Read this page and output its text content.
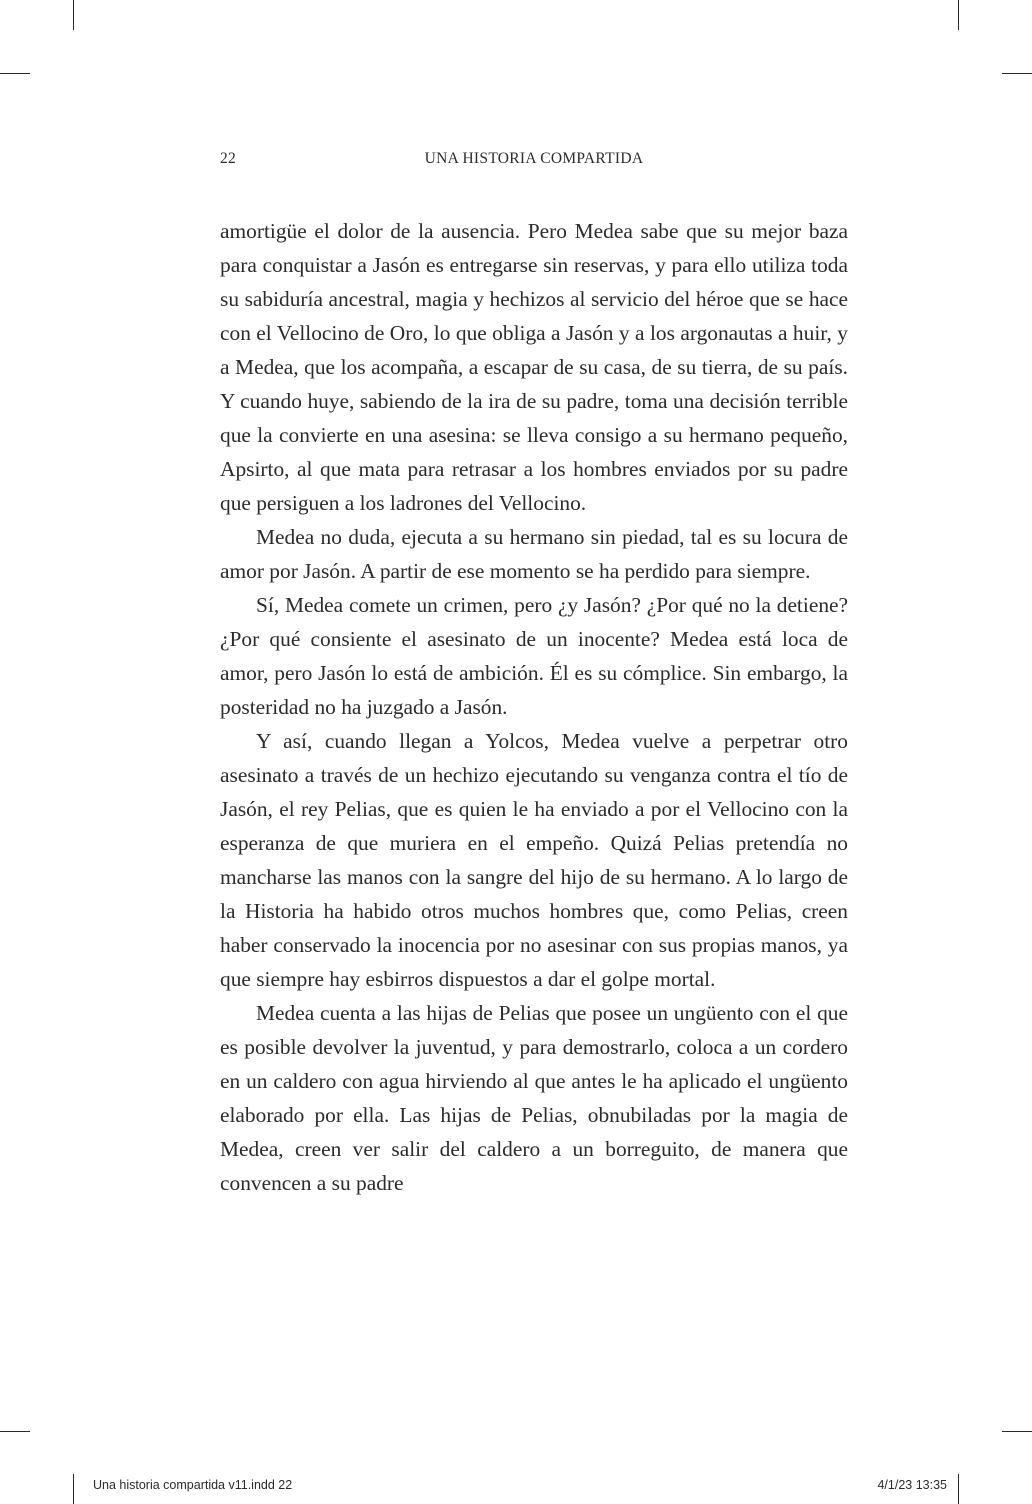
22	UNA HISTORIA COMPARTIDA

amortigüe el dolor de la ausencia. Pero Medea sabe que su mejor baza para conquistar a Jasón es entregarse sin reservas, y para ello utiliza toda su sabiduría ancestral, magia y hechizos al servicio del héroe que se hace con el Vellocino de Oro, lo que obliga a Jasón y a los argonautas a huir, y a Medea, que los acompaña, a escapar de su casa, de su tierra, de su país. Y cuando huye, sabiendo de la ira de su padre, toma una decisión terrible que la convierte en una asesina: se lleva consigo a su hermano pequeño, Apsirto, al que mata para retrasar a los hombres enviados por su padre que persiguen a los ladrones del Vellocino.

Medea no duda, ejecuta a su hermano sin piedad, tal es su locura de amor por Jasón. A partir de ese momento se ha perdido para siempre.

Sí, Medea comete un crimen, pero ¿y Jasón? ¿Por qué no la detiene? ¿Por qué consiente el asesinato de un inocente? Medea está loca de amor, pero Jasón lo está de ambición. Él es su cómplice. Sin embargo, la posteridad no ha juzgado a Jasón.

Y así, cuando llegan a Yolcos, Medea vuelve a perpetrar otro asesinato a través de un hechizo ejecutando su venganza contra el tío de Jasón, el rey Pelias, que es quien le ha enviado a por el Vellocino con la esperanza de que muriera en el empeño. Quizá Pelias pretendía no mancharse las manos con la sangre del hijo de su hermano. A lo largo de la Historia ha habido otros muchos hombres que, como Pelias, creen haber conservado la inocencia por no asesinar con sus propias manos, ya que siempre hay esbirros dispuestos a dar el golpe mortal.

Medea cuenta a las hijas de Pelias que posee un ungüento con el que es posible devolver la juventud, y para demostrarlo, coloca a un cordero en un caldero con agua hirviendo al que antes le ha aplicado el ungüento elaborado por ella. Las hijas de Pelias, obnubiladas por la magia de Medea, creen ver salir del caldero a un borreguito, de manera que convencen a su padre

Una historia compartida v11.indd 22	4/1/23 13:35
